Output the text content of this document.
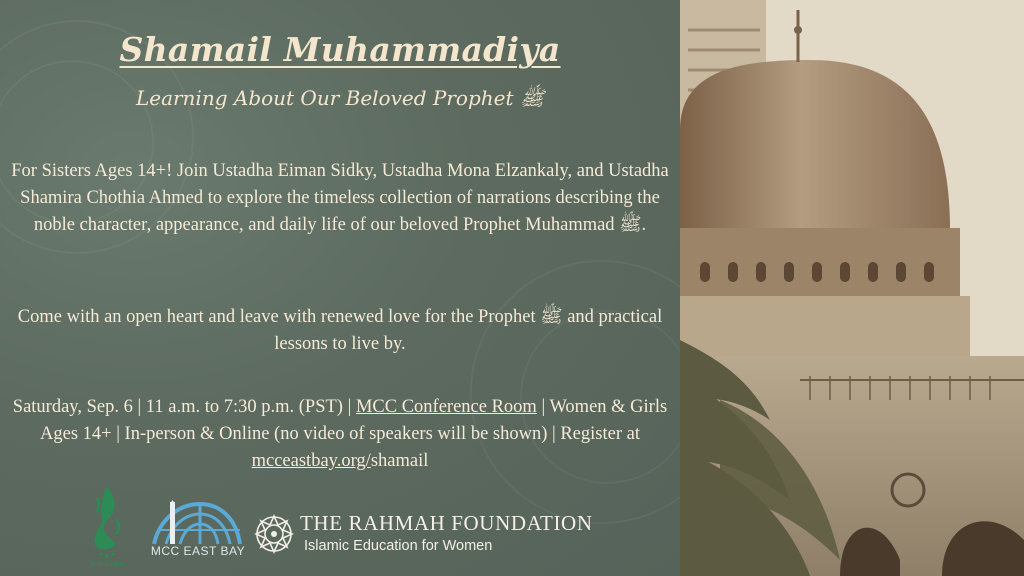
Shamail Muhammadiya

Learning About Our Beloved Prophet ﷺ

For Sisters Ages 14+! Join Ustadha Eiman Sidky, Ustadha Mona Elzankaly, and Ustadha Shamira Chothia Ahmed to explore the timeless collection of narrations describing the noble character, appearance, and daily life of our beloved Prophet Muhammad ﷺ.

Come with an open heart and leave with renewed love for the Prophet ﷺ and practical lessons to live by.

Saturday, Sep. 6 | 11 a.m. to 7:30 p.m. (PST) | MCC Conference Room | Women & Girls Ages 14+ | In-person & Online (no video of speakers will be shown) | Register at mcceastbay.org/shamail

NURULHAN
MCC EAST BAY
THE RAHMAH FOUNDATION
Islamic Education for Women
